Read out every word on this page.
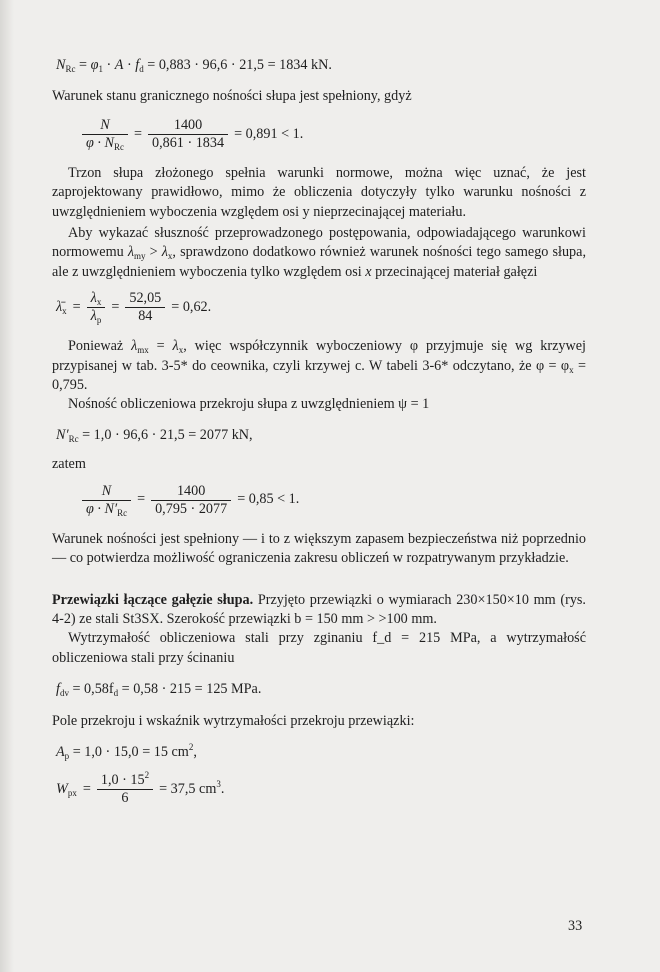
$N_{Rc} = \varphi_1 \cdot A \cdot f_d = 0,883 \cdot 96,6 \cdot 21,5 = 1834$ kN.

Warunek stanu granicznego nośności słupa jest spełniony, gdyż

$\frac{N}{\varphi \cdot N_{Rc}} = \frac{1400}{0,861 \cdot 1834} = 0,891 < 1$.

Trzon słupa złożonego spełnia warunki normowe, można więc uznać, że jest zaprojektowany prawidłowo, mimo że obliczenia dotyczyły tylko warunku nośności z uwzględnieniem wyboczenia względem osi y nieprzecinającej materiału.

Aby wykazać słuszność przeprowadzonego postępowania, odpowiadającego warunkowi normowemu $\lambda_{my} > \lambda_x$, sprawdzono dodatkowo również warunek nośności tego samego słupa, ale z uwzględnieniem wyboczenia tylko względem osi x przecinającej materiał gałęzi

$\lambdā_x = \frac{\lambda_x}{\lambda_p} = \frac{52,05}{84} = 0,62$.

Ponieważ $\lambda_{mx} = \lambda_x$, więc współczynnik wyboczeniowy φ przyjmuje się wg krzywej przypisanej w tab. 3-5* do ceownika, czyli krzywej c. W tabeli 3-6* odczytano, że $\varphi = \varphi_x = 0,795$.

Nośność obliczeniowa przekroju słupa z uwzględnieniem ψ = 1

$N'_{Rc} = 1,0 \cdot 96,6 \cdot 21,5 = 2077$ kN,

zatem

$\frac{N}{\varphi \cdot N'_{Rc}} = \frac{1400}{0,795 \cdot 2077} = 0,85 < 1$.

Warunek nośności jest spełniony — i to z większym zapasem bezpieczeństwa niż poprzednio — co potwierdza możliwość ograniczenia zakresu obliczeń w rozpatrywanym przykładzie.

Przewiązki łączące gałęzie słupa. Przyjęto przewiązki o wymiarach 230×150×10 mm (rys. 4-2) ze stali St3SX. Szerokość przewiązki b = 150 mm > >100 mm.

Wytrzymałość obliczeniowa stali przy zginaniu f_d = 215 MPa, a wytrzymałość obliczeniowa stali przy ścinaniu

$f_{dv} = 0,58f_d = 0,58 \cdot 215 = 125$ MPa.

Pole przekroju i wskaźnik wytrzymałości przekroju przewiązki:

$A_p = 1,0 \cdot 15,0 = 15$ $cm^2$,
$W_{px} = \frac{1,0 \cdot 15^2}{6} = 37,5$ $cm^3$.
33
